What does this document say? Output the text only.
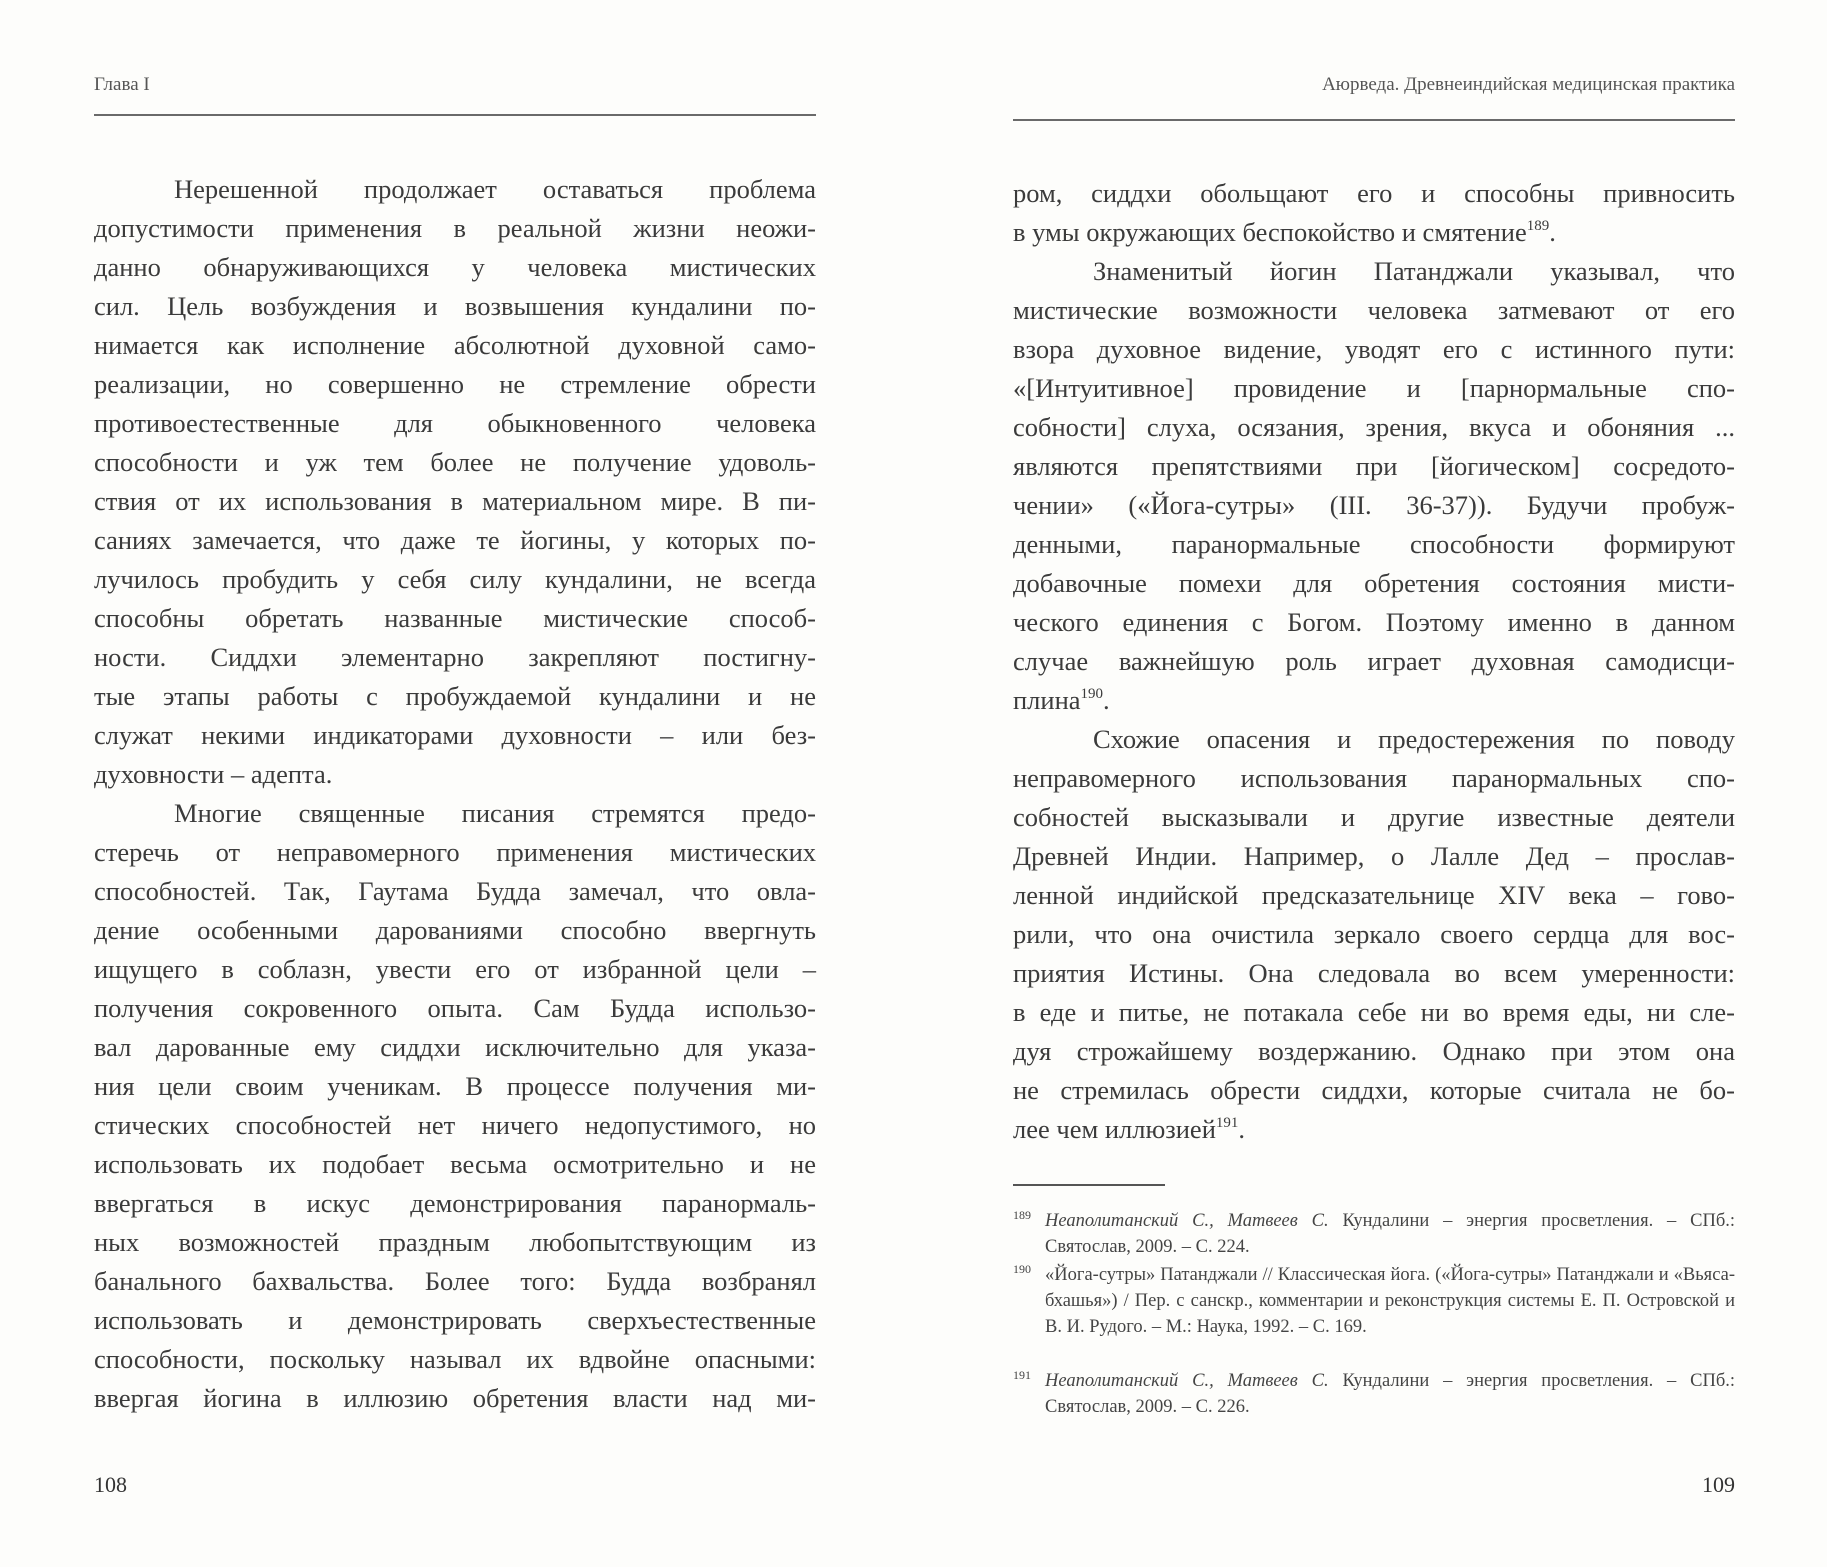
Глава I	Аюрведа. Древнеиндийская медицинская практика
Нерешенной продолжает оставаться проблема
допустимости применения в реальной жизни неожи-
данно обнаруживающихся у человека мистических
сил. Цель возбуждения и возвышения кундалини по-
нимается как исполнение абсолютной духовной само-
реализации, но совершенно не стремление обрести
противоестественные для обыкновенного человека
способности и уж тем более не получение удоволь-
ствия от их использования в материальном мире. В пи-
саниях замечается, что даже те йогины, у которых по-
лучилось пробудить у себя силу кундалини, не всегда
способны обретать названные мистические способ-
ности. Сиддхи элементарно закрепляют постигну-
тые этапы работы с пробуждаемой кундалини и не
служат некими индикаторами духовности – или без-
духовности – адепта.
Многие священные писания стремятся предо-
стеречь от неправомерного применения мистических
способностей. Так, Гаутама Будда замечал, что овла-
дение особенными дарованиями способно ввергнуть
ищущего в соблазн, увести его от избранной цели –
получения сокровенного опыта. Сам Будда использо-
вал дарованные ему сиддхи исключительно для указа-
ния цели своим ученикам. В процессе получения ми-
стических способностей нет ничего недопустимого, но
использовать их подобает весьма осмотрительно и не
ввергаться в искус демонстрирования паранормаль-
ных возможностей праздным любопытствующим из
банального бахвальства. Более того: Будда возбранял
использовать и демонстрировать сверхъестественные
способности, поскольку называл их вдвойне опасными:
ввергая йогина в иллюзию обретения власти над ми-
ром, сиддхи обольщают его и способны привносить
в умы окружающих беспокойство и смятение$^{189}$.
Знаменитый йогин Патанджали указывал, что
мистические возможности человека затмевают от его
взора духовное видение, уводят его с истинного пути:
«[Интуитивное] провидение и [парнормальные спо-
собности] слуха, осязания, зрения, вкуса и обоняния ...
являются препятствиями при [йогическом] сосредото-
чении» («Йога-сутры» (III. 36-37)). Будучи пробуж-
денными, паранормальные способности формируют
добавочные помехи для обретения состояния мисти-
ческого единения с Богом. Поэтому именно в данном
случае важнейшую роль играет духовная самодисци-
плина$^{190}$.
Схожие опасения и предостережения по поводу
неправомерного использования паранормальных спо-
собностей высказывали и другие известные деятели
Древней Индии. Например, о Лалле Дед – прослав-
ленной индийской предсказательнице XIV века – гово-
рили, что она очистила зеркало своего сердца для вос-
приятия Истины. Она следовала во всем умеренности:
в еде и питье, не потакала себе ни во время еды, ни сле-
дуя строжайшему воздержанию. Однако при этом она
не стремилась обрести сиддхи, которые считала не бо-
лее чем иллюзией$^{191}$.
189 Неаполитанский С., Матвеев С. Кундалини – энергия просветления. – СПб.: Святослав, 2009. – С. 224.
190 «Йога-сутры» Патанджали // Классическая йога. («Йога-сутры» Патанджали и «Вьяса-бхашья») / Пер. с санскр., комментарии и реконструкция системы Е. П. Островской и В. И. Рудого. – М.: Наука, 1992. – С. 169.
191 Неаполитанский С., Матвеев С. Кундалини – энергия просветления. – СПб.: Святослав, 2009. – С. 226.
108	109
